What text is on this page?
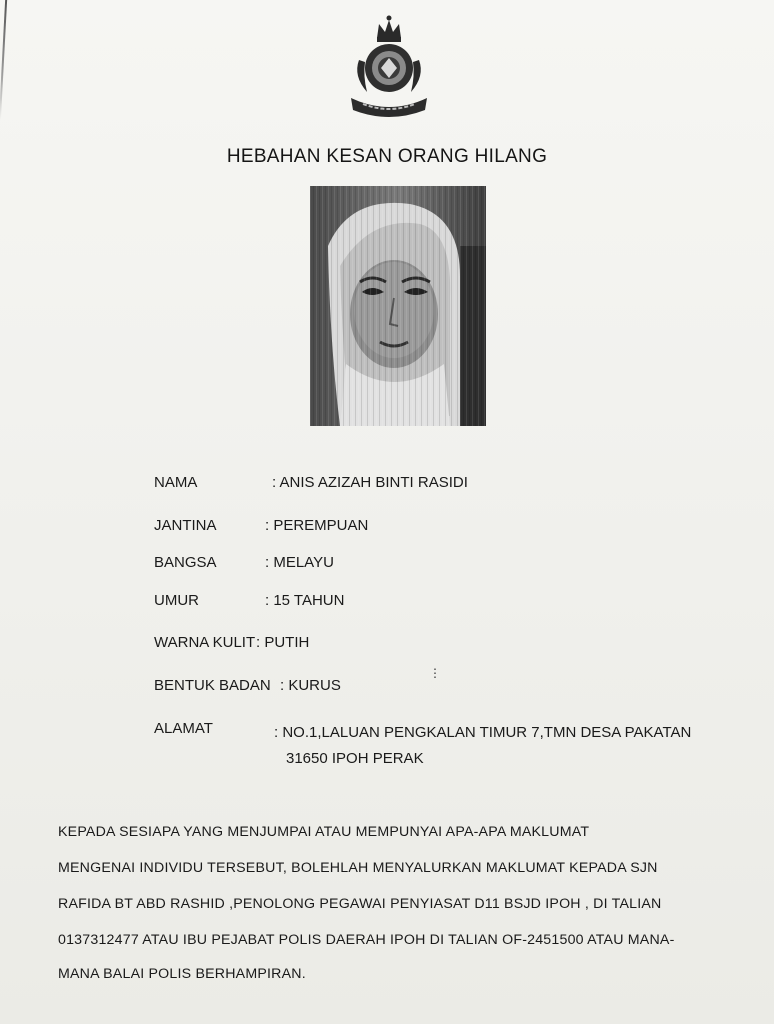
HEBAHAN KESAN ORANG HILANG
NAMA	: ANIS AZIZAH BINTI RASIDI
JANTINA	: PEREMPUAN
BANGSA	: MELAYU
UMUR	: 15 TAHUN
WARNA KULIT : PUTIH
BENTUK BADAN : KURUS
⋮
ALAMAT	: NO.1,LALUAN PENGKALAN TIMUR 7,TMN DESA PAKATAN
31650 IPOH PERAK
KEPADA SESIAPA YANG MENJUMPAI ATAU MEMPUNYAI APA-APA MAKLUMAT
MENGENAI INDIVIDU TERSEBUT, BOLEHLAH MENYALURKAN MAKLUMAT KEPADA SJN
RAFIDA BT ABD RASHID ,PENOLONG PEGAWAI PENYIASAT D11 BSJD IPOH , DI TALIAN
0137312477 ATAU IBU PEJABAT POLIS DAERAH IPOH DI TALIAN OF-2451500 ATAU MANA-
MANA BALAI POLIS BERHAMPIRAN.
